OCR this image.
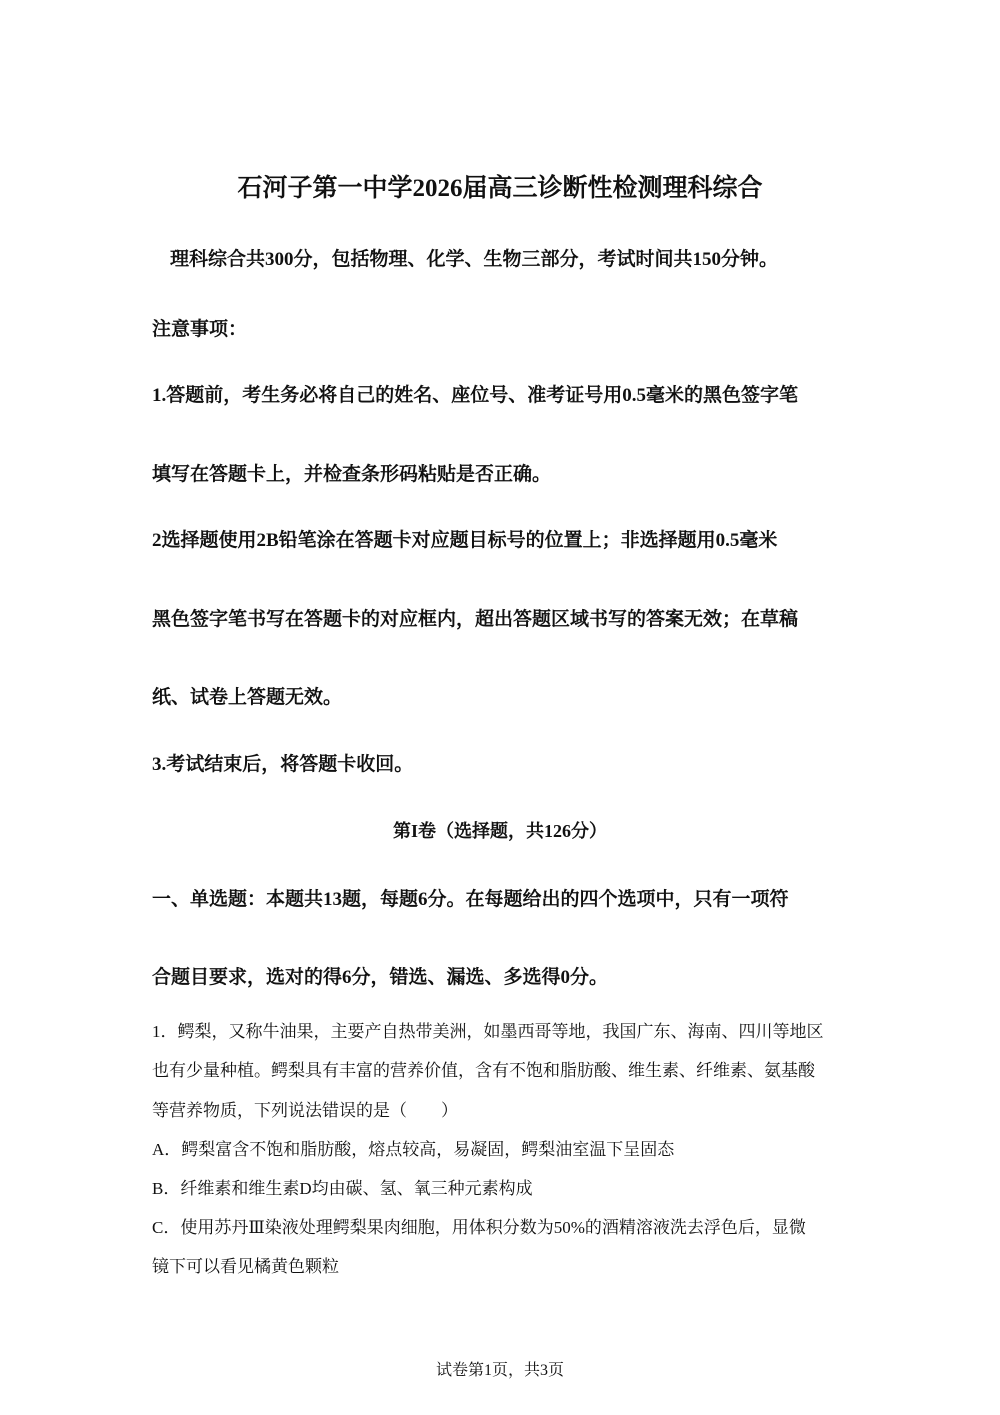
石河子第一中学2026届高三诊断性检测理科综合

理科综合共300分，包括物理、化学、生物三部分，考试时间共150分钟。

注意事项：

1.答题前，考生务必将自己的姓名、座位号、准考证号用0.5毫米的黑色签字笔

填写在答题卡上，并检查条形码粘贴是否正确。

2选择题使用2B铅笔涂在答题卡对应题目标号的位置上；非选择题用0.5毫米

黑色签字笔书写在答题卡的对应框内，超出答题区域书写的答案无效；在草稿

纸、试卷上答题无效。

3.考试结束后，将答题卡收回。

第I卷（选择题，共126分）

一、单选题：本题共13题，每题6分。在每题给出的四个选项中，只有一项符

合题目要求，选对的得6分，错选、漏选、多选得0分。

1．鳄梨，又称牛油果，主要产自热带美洲，如墨西哥等地，我国广东、海南、四川等地区

也有少量种植。鳄梨具有丰富的营养价值，含有不饱和脂肪酸、维生素、纤维素、氨基酸

等营养物质，下列说法错误的是（　　）

A．鳄梨富含不饱和脂肪酸，熔点较高，易凝固，鳄梨油室温下呈固态

B．纤维素和维生素D均由碳、氢、氧三种元素构成

C．使用苏丹Ⅲ染液处理鳄梨果肉细胞，用体积分数为50%的酒精溶液洗去浮色后，显微

镜下可以看见橘黄色颗粒

试卷第1页，共3页
